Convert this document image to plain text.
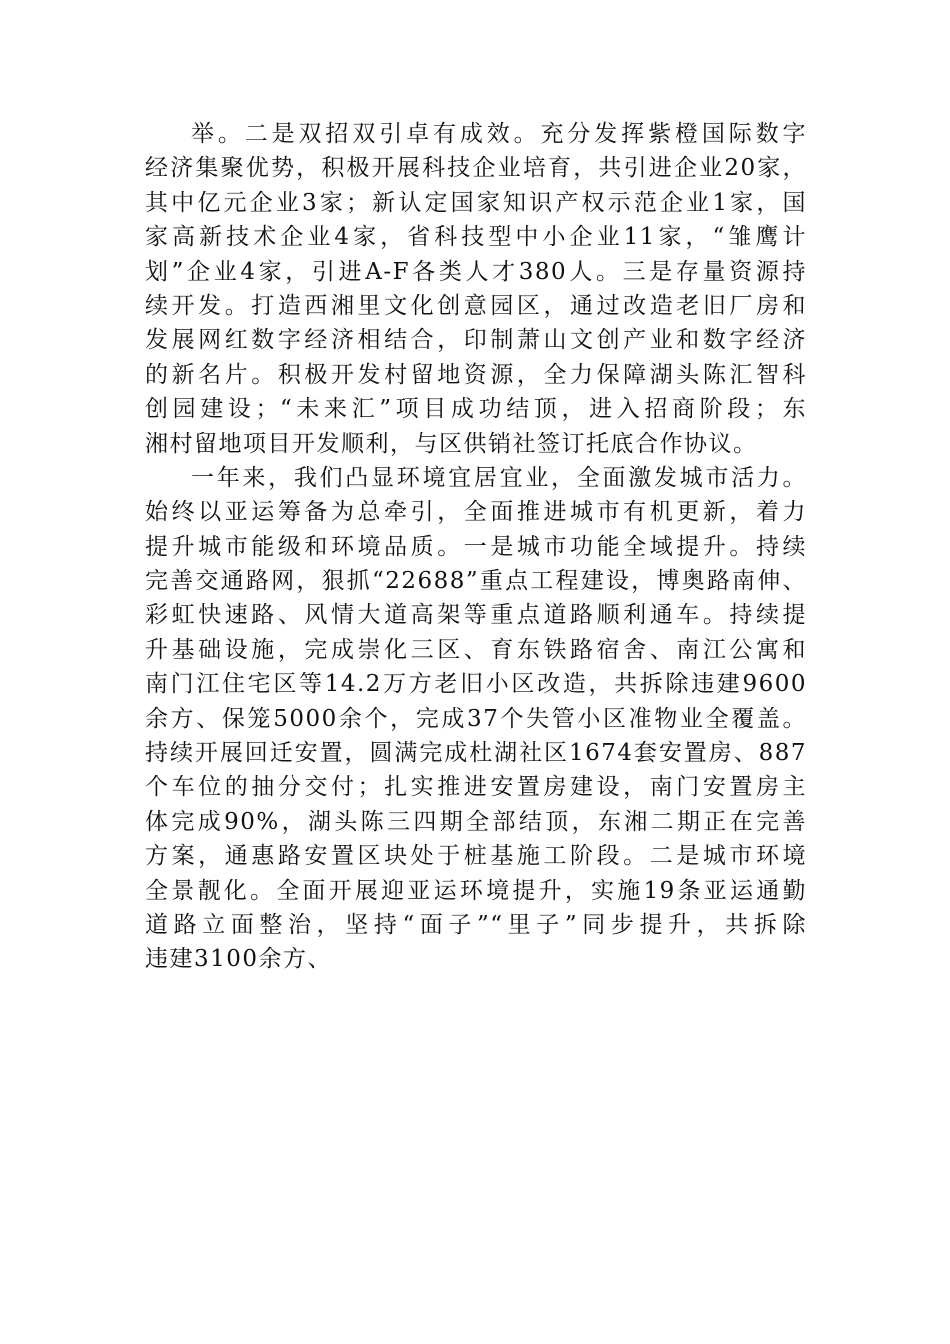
举。二是双招双引卓有成效。充分发挥紫橙国际数字
经济集聚优势，积极开展科技企业培育，共引进企业20家，
其中亿元企业3家；新认定国家知识产权示范企业1家，国
家高新技术企业4家，省科技型中小企业11家，“雏鹰计
划”企业4家，引进A-F各类人才380人。三是存量资源持
续开发。打造西湘里文化创意园区，通过改造老旧厂房和
发展网红数字经济相结合，印制萧山文创产业和数字经济
的新名片。积极开发村留地资源，全力保障湖头陈汇智科
创园建设；“未来汇”项目成功结顶，进入招商阶段；东
湘村留地项目开发顺利，与区供销社签订托底合作协议。
一年来，我们凸显环境宜居宜业，全面激发城市活力。
始终以亚运筹备为总牵引，全面推进城市有机更新，着力
提升城市能级和环境品质。一是城市功能全域提升。持续
完善交通路网，狠抓“22688”重点工程建设，博奥路南伸、
彩虹快速路、风情大道高架等重点道路顺利通车。持续提
升基础设施，完成崇化三区、育东铁路宿舍、南江公寓和
南门江住宅区等14.2万方老旧小区改造，共拆除违建9600
余方、保笼5000余个，完成37个失管小区准物业全覆盖。
持续开展回迁安置，圆满完成杜湖社区1674套安置房、887
个车位的抽分交付；扎实推进安置房建设，南门安置房主
体完成90%，湖头陈三四期全部结顶，东湘二期正在完善
方案，通惠路安置区块处于桩基施工阶段。二是城市环境
全景靓化。全面开展迎亚运环境提升，实施19条亚运通勤
道路立面整治，坚持“面子”“里子”同步提升，共拆除
违建3100余方、
